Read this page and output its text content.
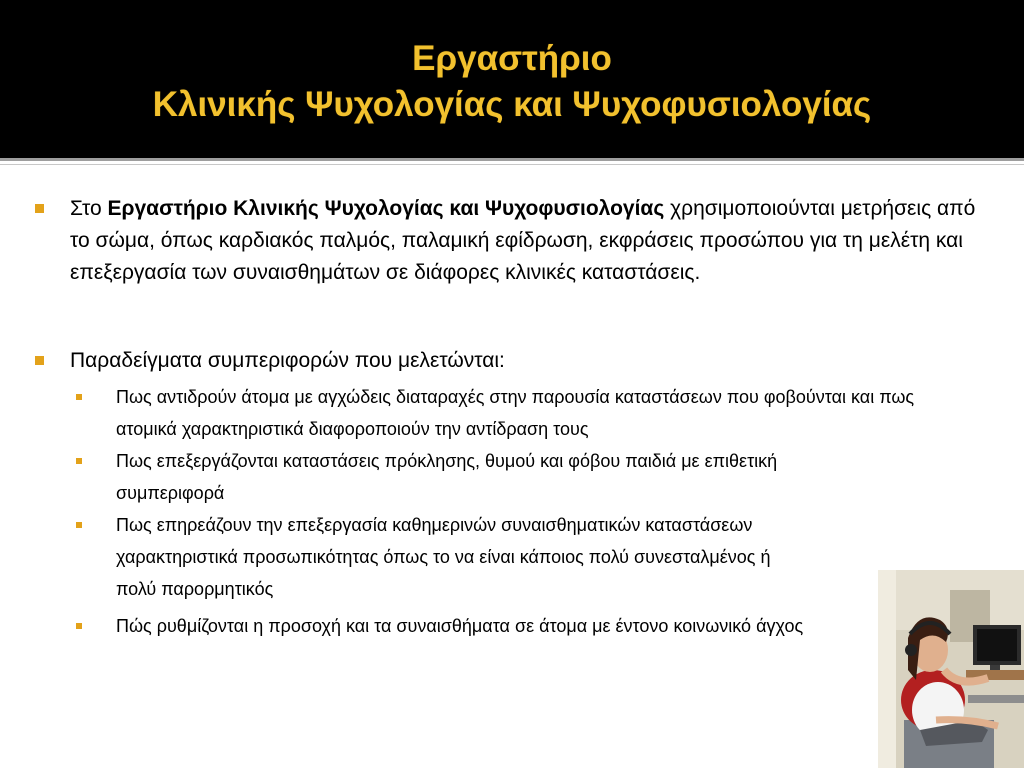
Εργαστήριο
Κλινικής Ψυχολογίας και Ψυχοφυσιολογίας
Στο Εργαστήριο Κλινικής Ψυχολογίας και Ψυχοφυσιολογίας χρησιμοποιούνται μετρήσεις από το σώμα, όπως καρδιακός παλμός, παλαμική εφίδρωση, εκφράσεις προσώπου για τη μελέτη και επεξεργασία των συναισθημάτων σε διάφορες κλινικές καταστάσεις.
Παραδείγματα συμπεριφορών που μελετώνται:
Πως αντιδρούν άτομα με αγχώδεις διαταραχές στην παρουσία καταστάσεων που φοβούνται και πως ατομικά χαρακτηριστικά διαφοροποιούν την αντίδραση τους
Πως επεξεργάζονται καταστάσεις πρόκλησης, θυμού και φόβου παιδιά με επιθετική συμπεριφορά
Πως επηρεάζουν την επεξεργασία καθημερινών συναισθηματικών καταστάσεων χαρακτηριστικά προσωπικότητας όπως το να είναι κάποιος πολύ συνεσταλμένος ή πολύ παρορμητικός
Πώς ρυθμίζονται η προσοχή και τα συναισθήματα σε άτομα με έντονο κοινωνικό άγχος
